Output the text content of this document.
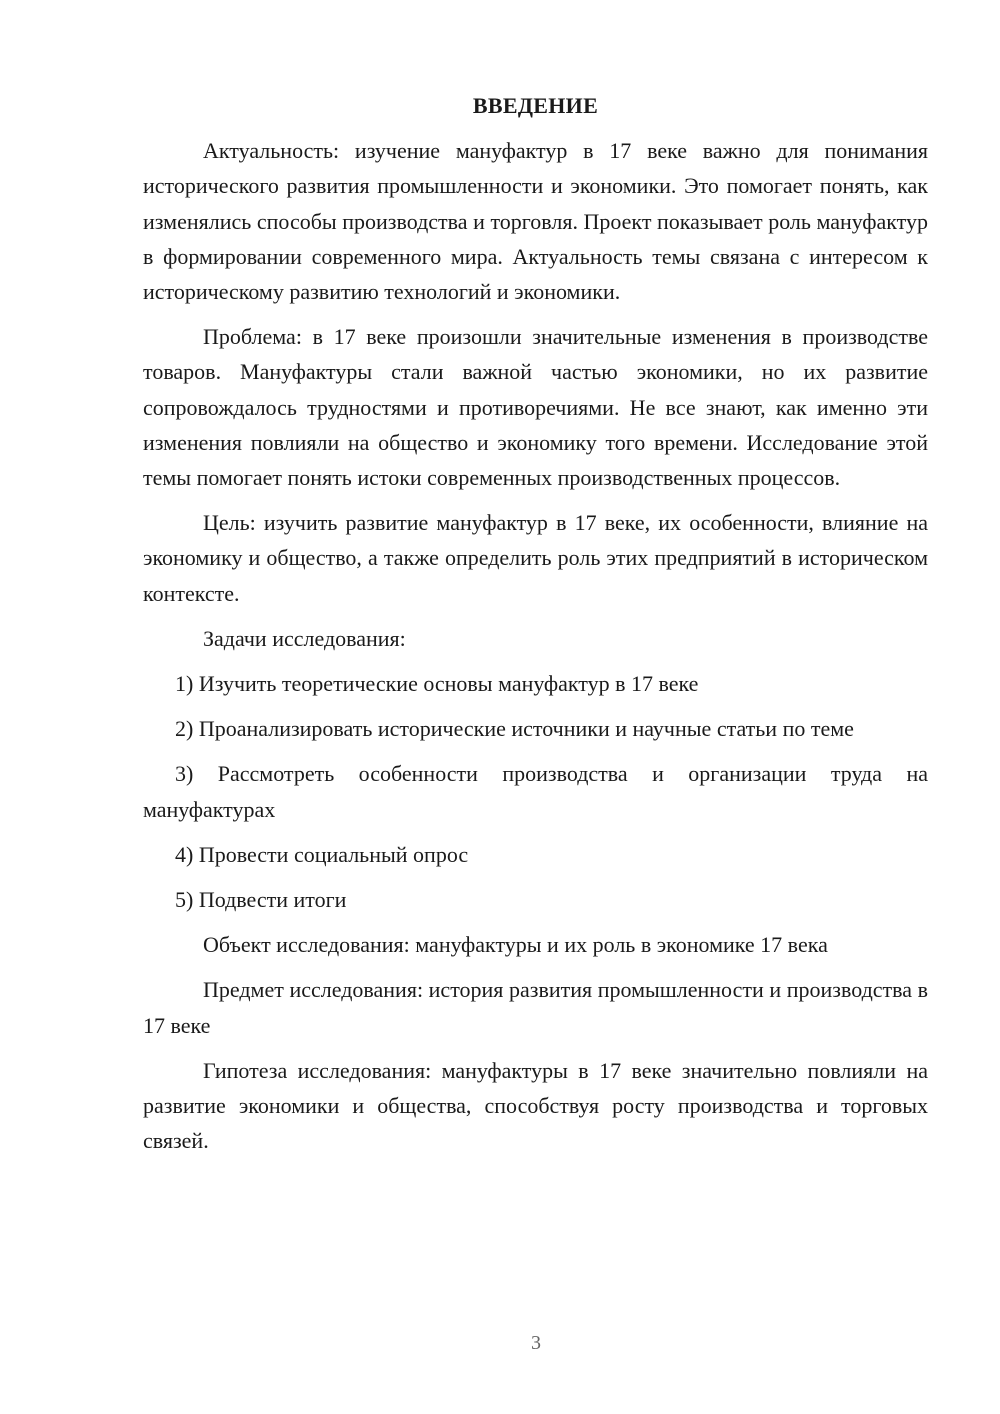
ВВЕДЕНИЕ

Актуальность: изучение мануфактур в 17 веке важно для понимания исторического развития промышленности и экономики. Это помогает понять, как изменялись способы производства и торговля. Проект показывает роль мануфактур в формировании современного мира. Актуальность темы связана с интересом к историческому развитию технологий и экономики.

Проблема: в 17 веке произошли значительные изменения в производстве товаров. Мануфактуры стали важной частью экономики, но их развитие сопровождалось трудностями и противоречиями. Не все знают, как именно эти изменения повлияли на общество и экономику того времени. Исследование этой темы помогает понять истоки современных производственных процессов.

Цель: изучить развитие мануфактур в 17 веке, их особенности, влияние на экономику и общество, а также определить роль этих предприятий в историческом контексте.

Задачи исследования:

1) Изучить теоретические основы мануфактур в 17 веке

2) Проанализировать исторические источники и научные статьи по теме

3) Рассмотреть особенности производства и организации труда на мануфактурах

4) Провести социальный опрос

5) Подвести итоги

Объект исследования: мануфактуры и их роль в экономике 17 века

Предмет исследования: история развития промышленности и производства в 17 веке

Гипотеза исследования: мануфактуры в 17 веке значительно повлияли на развитие экономики и общества, способствуя росту производства и торговых связей.

3
